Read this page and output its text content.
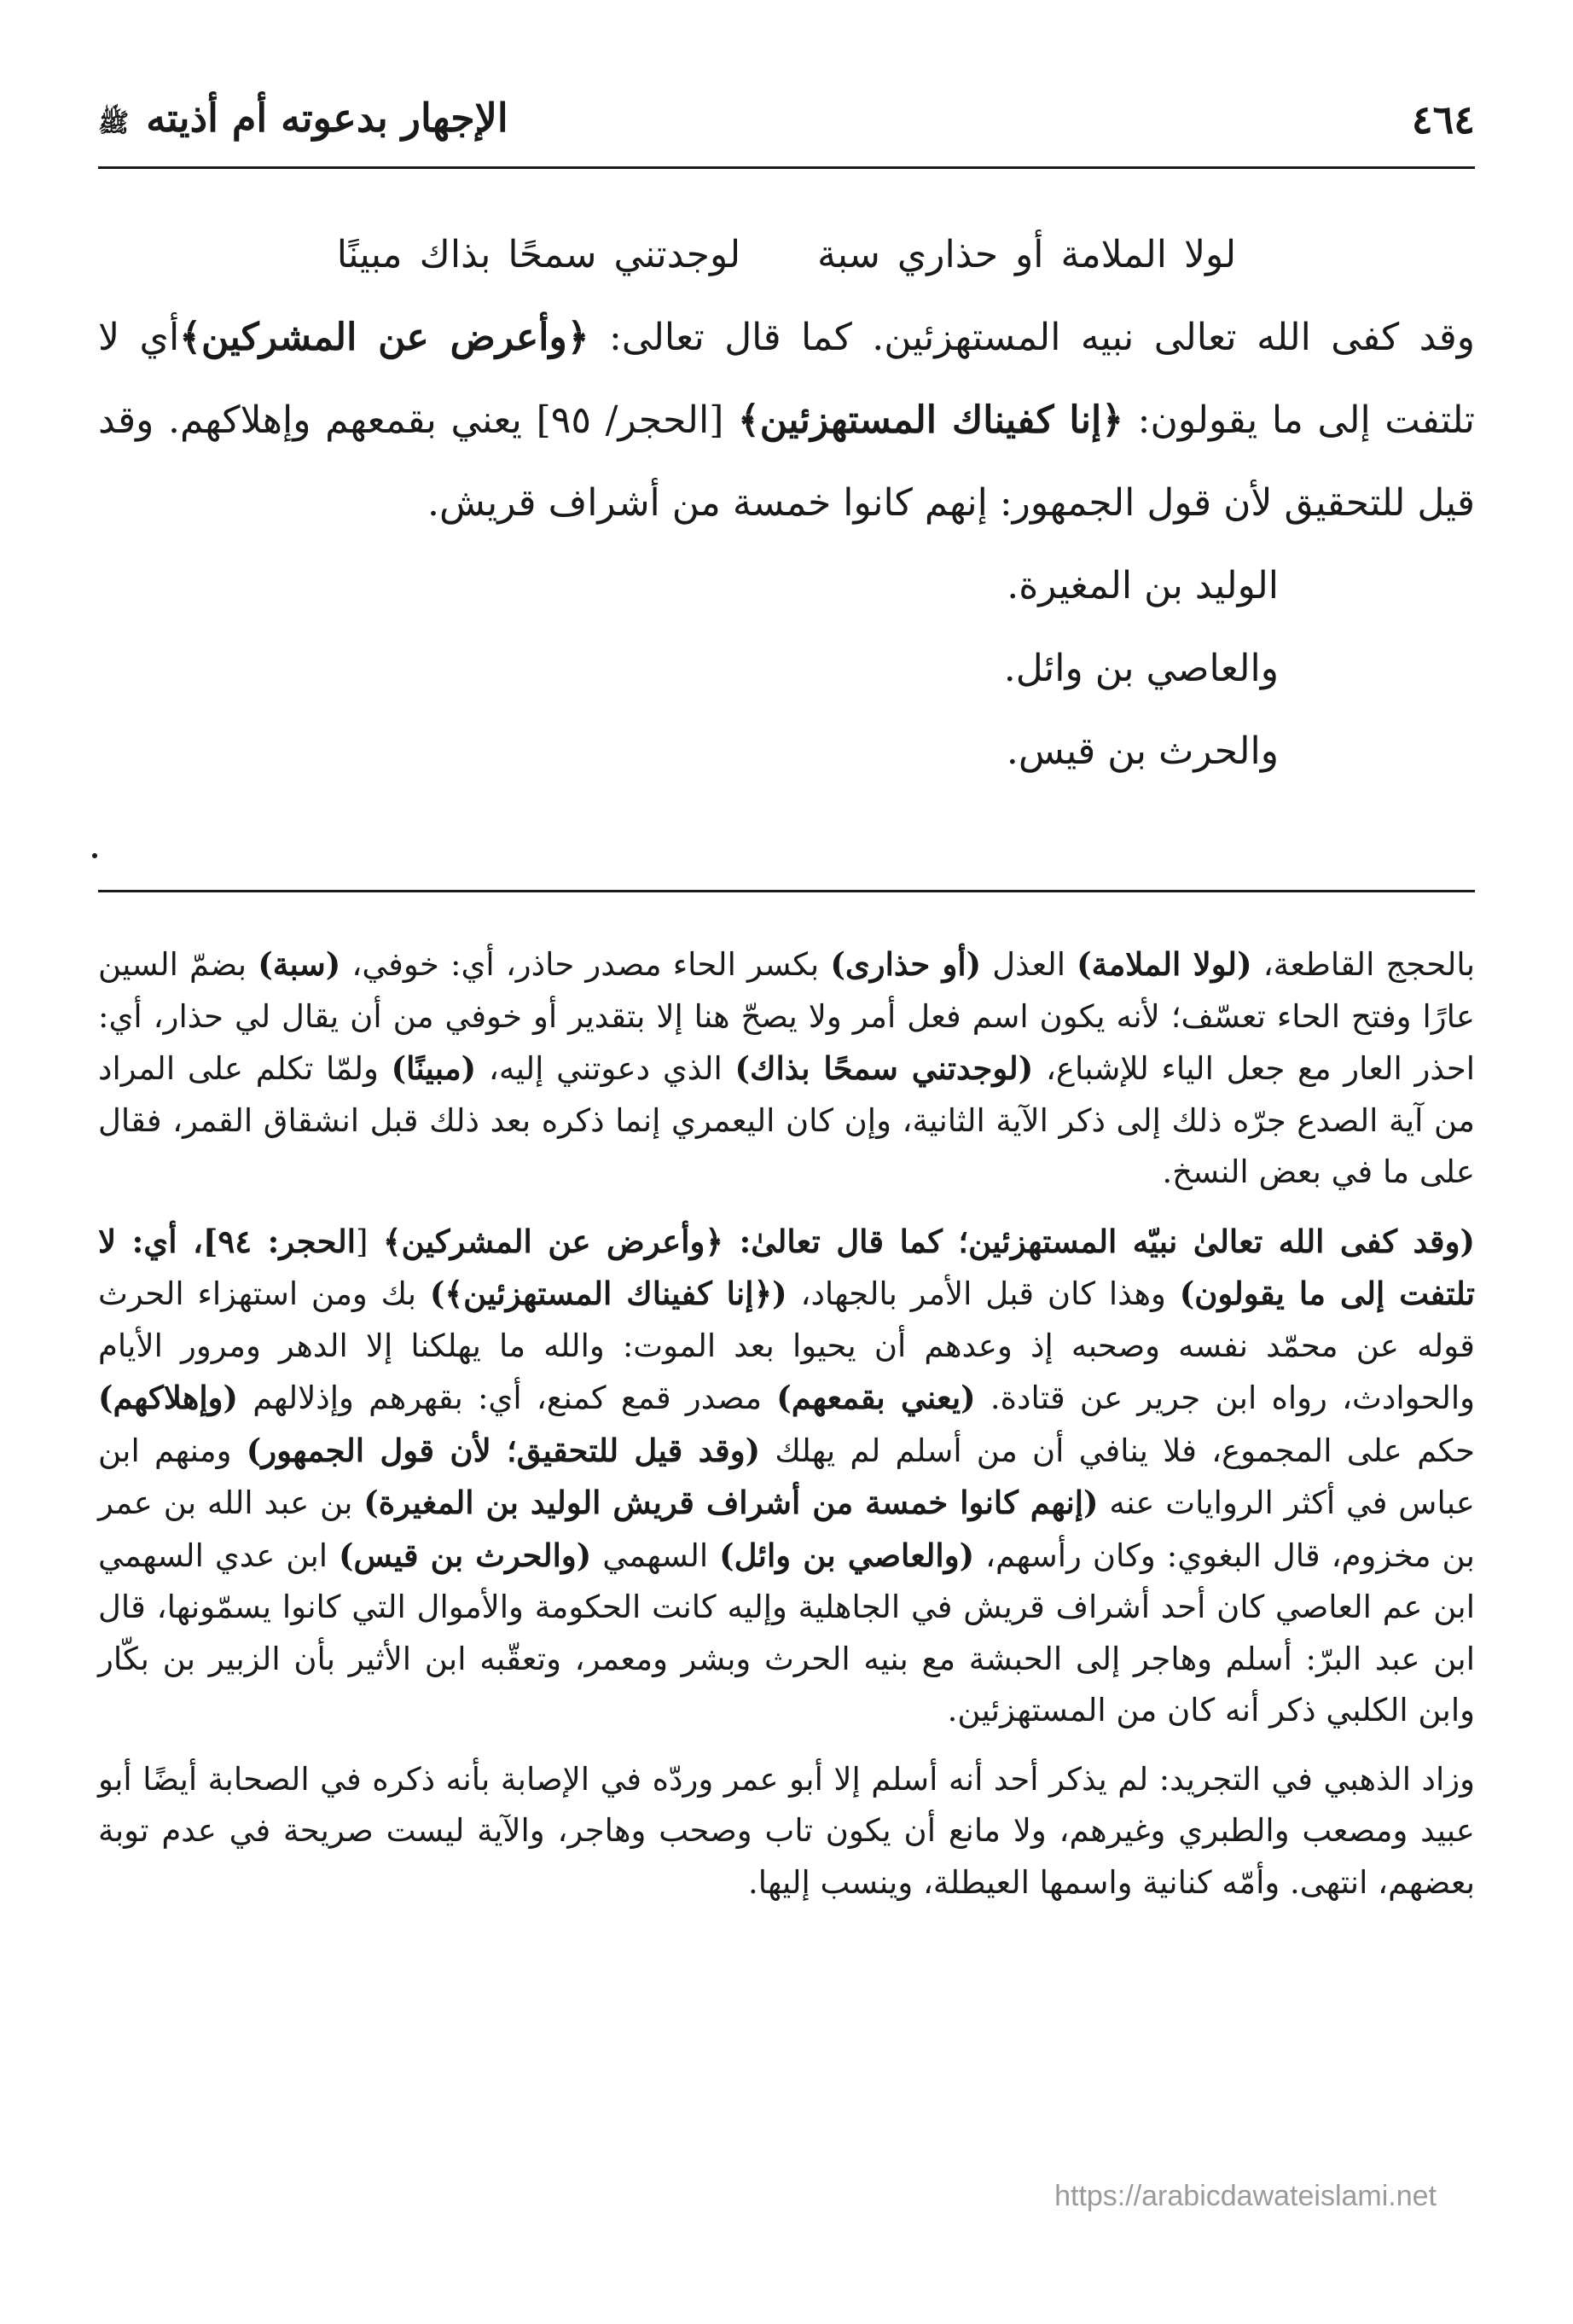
٤٦٤
الإجهار بدعوته أم أذيته ﷺ

لولا الملامة أو حذاري سبة  لوجدتني سمحًا بذاك مبينًا

وقد كفى الله تعالى نبيه المستهزئين. كما قال تعالى: ﴿وأعرض عن المشركين﴾أي لا تلتفت إلى ما يقولون: ﴿إنا كفيناك المستهزئين﴾ [الحجر/ ٩٥] يعني بقمعهم وإهلاكهم. وقد قيل للتحقيق لأن قول الجمهور: إنهم كانوا خمسة من أشراف قريش.

الوليد بن المغيرة.

والعاصي بن وائل.

والحرث بن قيس.

بالحجج القاطعة، (لولا الملامة) العذل (أو حذارى) بكسر الحاء مصدر حاذر، أي: خوفي، (سبة) بضمّ السين عارًا وفتح الحاء تعسّف؛ لأنه يكون اسم فعل أمر ولا يصحّ هنا إلا بتقدير أو خوفي من أن يقال لي حذار، أي: احذر العار مع جعل الياء للإشباع، (لوجدتني سمحًا بذاك) الذي دعوتني إليه، (مبينًا) ولمّا تكلم على المراد من آية الصدع جرّه ذلك إلى ذكر الآية الثانية، وإن كان اليعمري إنما ذكره بعد ذلك قبل انشقاق القمر، فقال على ما في بعض النسخ.

(وقد كفى الله تعالىٰ نبيّه المستهزئين؛ كما قال تعالىٰ: ﴿وأعرض عن المشركين﴾ [الحجر: ٩٤]، أي: لا تلتفت إلى ما يقولون) وهذا كان قبل الأمر بالجهاد، (﴿إنا كفيناك المستهزئين﴾) بك ومن استهزاء الحرث قوله عن محمّد نفسه وصحبه إذ وعدهم أن يحيوا بعد الموت: والله ما يهلكنا إلا الدهر ومرور الأيام والحوادث، رواه ابن جرير عن قتادة. (يعني بقمعهم) مصدر قمع كمنع، أي: بقهرهم وإذلالهم (وإهلاكهم) حكم على المجموع، فلا ينافي أن من أسلم لم يهلك (وقد قيل للتحقيق؛ لأن قول الجمهور) ومنهم ابن عباس في أكثر الروايات عنه (إنهم كانوا خمسة من أشراف قريش الوليد بن المغيرة) بن عبد الله بن عمر بن مخزوم، قال البغوي: وكان رأسهم، (والعاصي بن وائل) السهمي (والحرث بن قيس) ابن عدي السهمي ابن عم العاصي كان أحد أشراف قريش في الجاهلية وإليه كانت الحكومة والأموال التي كانوا يسمّونها، قال ابن عبد البرّ: أسلم وهاجر إلى الحبشة مع بنيه الحرث وبشر ومعمر، وتعقّبه ابن الأثير بأن الزبير بن بكّار وابن الكلبي ذكر أنه كان من المستهزئين.

وزاد الذهبي في التجريد: لم يذكر أحد أنه أسلم إلا أبو عمر وردّه في الإصابة بأنه ذكره في الصحابة أيضًا أبو عبيد ومصعب والطبري وغيرهم، ولا مانع أن يكون تاب وصحب وهاجر، والآية ليست صريحة في عدم توبة بعضهم، انتهى. وأمّه كنانية واسمها العيطلة، وينسب إليها.

https://arabicdawateislami.net
